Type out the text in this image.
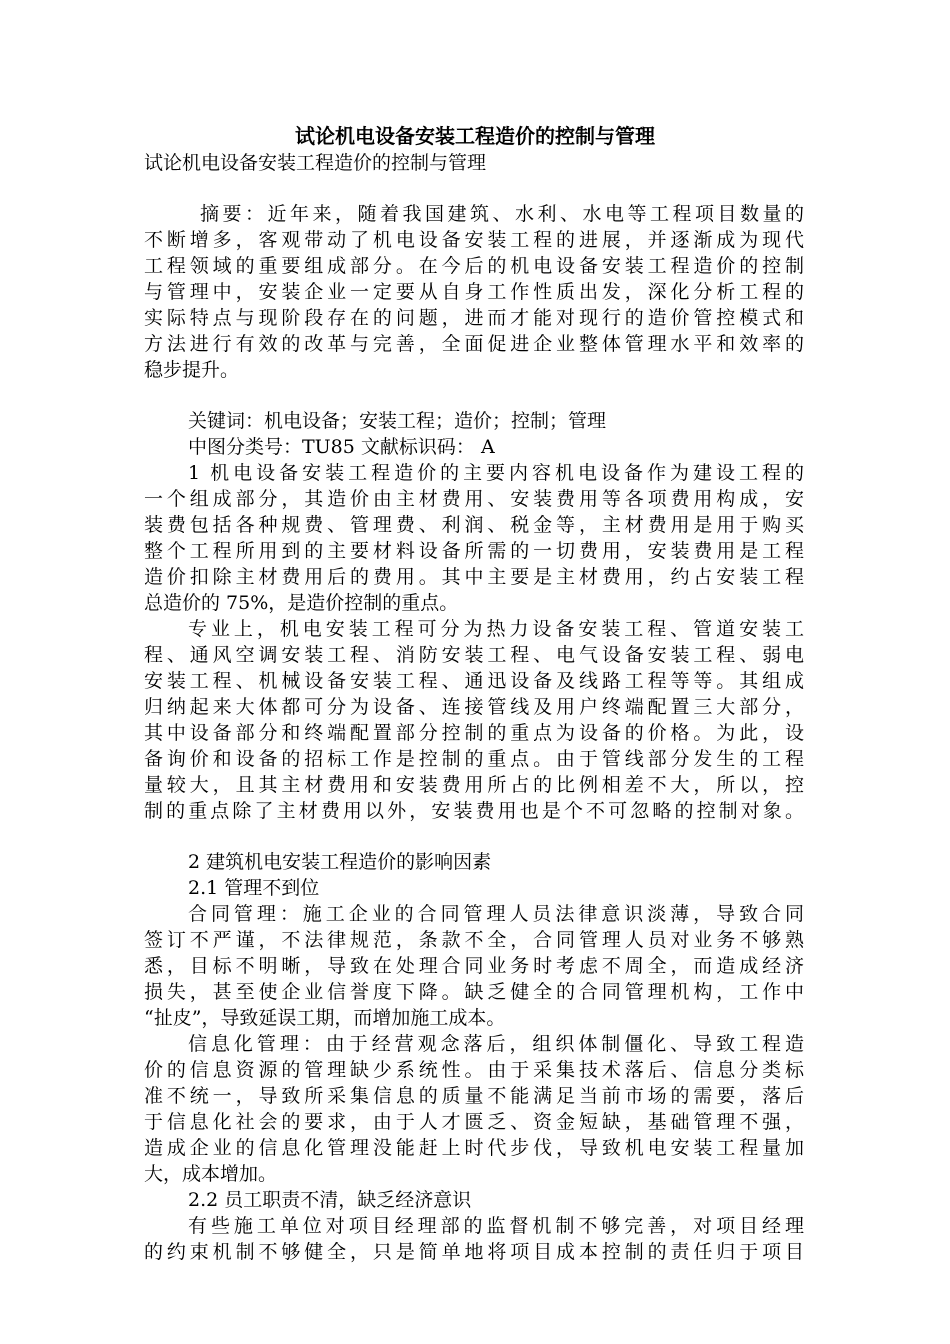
试论机电设备安装工程造价的控制与管理

试论机电设备安装工程造价的控制与管理

摘要：近年来，随着我国建筑、水利、水电等工程项目数量的

不断增多，客观带动了机电设备安装工程的进展，并逐渐成为现代

工程领域的重要组成部分。在今后的机电设备安装工程造价的控制

与管理中，安装企业一定要从自身工作性质出发，深化分析工程的

实际特点与现阶段存在的问题，进而才能对现行的造价管控模式和

方法进行有效的改革与完善，全面促进企业整体管理水平和效率的

稳步提升。

关键词：机电设备；安装工程；造价；控制；管理

中图分类号：TU85 文献标识码： A

1 机电设备安装工程造价的主要内容机电设备作为建设工程的

一个组成部分，其造价由主材费用、安装费用等各项费用构成，安

装费包括各种规费、管理费、利润、税金等，主材费用是用于购买

整个工程所用到的主要材料设备所需的一切费用，安装费用是工程

造价扣除主材费用后的费用。其中主要是主材费用，约占安装工程

总造价的 75%，是造价控制的重点。

专业上，机电安装工程可分为热力设备安装工程、管道安装工

程、通风空调安装工程、消防安装工程、电气设备安装工程、弱电

安装工程、机械设备安装工程、通迅设备及线路工程等等。其组成

归纳起来大体都可分为设备、连接管线及用户终端配置三大部分，

其中设备部分和终端配置部分控制的重点为设备的价格。为此，设

备询价和设备的招标工作是控制的重点。由于管线部分发生的工程

量较大，且其主材费用和安装费用所占的比例相差不大，所以，控

制的重点除了主材费用以外，安装费用也是个不可忽略的控制对象。

2 建筑机电安装工程造价的影响因素

2.1 管理不到位

合同管理：施工企业的合同管理人员法律意识淡薄，导致合同

签订不严谨，不法律规范，条款不全，合同管理人员对业务不够熟

悉，目标不明晰，导致在处理合同业务时考虑不周全，而造成经济

损失，甚至使企业信誉度下降。缺乏健全的合同管理机构，工作中

“扯皮”，导致延误工期，而增加施工成本。

信息化管理：由于经营观念落后，组织体制僵化、导致工程造

价的信息资源的管理缺少系统性。由于采集技术落后、信息分类标

准不统一，导致所采集信息的质量不能满足当前市场的需要，落后

于信息化社会的要求，由于人才匮乏、资金短缺，基础管理不强，

造成企业的信息化管理没能赶上时代步伐，导致机电安装工程量加

大，成本增加。

2.2 员工职责不清，缺乏经济意识

有些施工单位对项目经理部的监督机制不够完善，对项目经理

的约束机制不够健全，只是简单地将项目成本控制的责任归于项目
